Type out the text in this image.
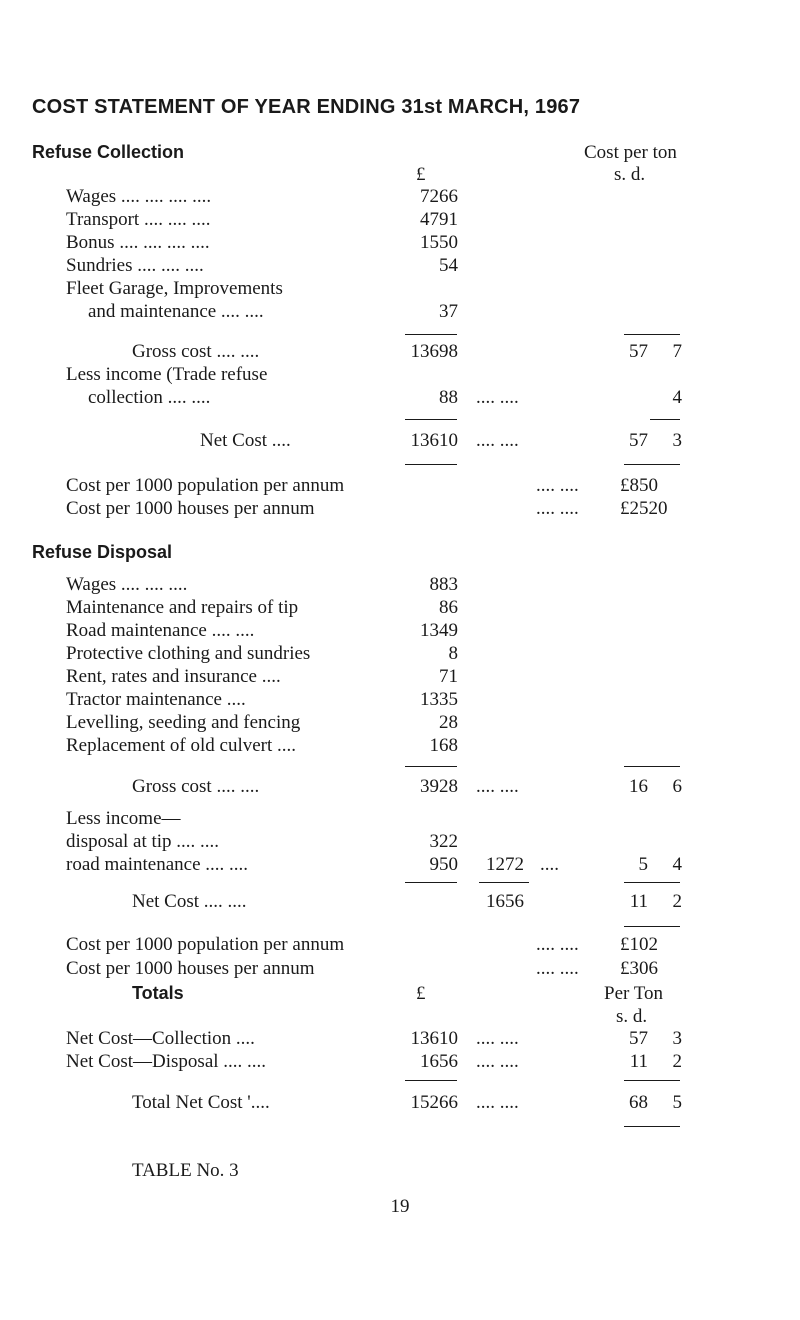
COST STATEMENT OF YEAR ENDING 31st MARCH, 1967
Refuse Collection	Cost per ton
£	s. d.
Wages .... .... .... ....	7266
Transport .... .... ....	4791
Bonus .... .... .... ....	1550
Sundries .... .... ....	54
Fleet Garage, Improvements
and maintenance .... ....	37
Gross cost .... ....	13698	57	7
Less income (Trade refuse
collection .... ....	88 .... ....	4
Net Cost ....	13610 .... ....	57	3
Cost per 1000 population per annum	.... .... £850
Cost per 1000 houses per annum	.... .... £2520
Refuse Disposal
Wages .... .... ....	883
Maintenance and repairs of tip	86
Road maintenance .... ....	1349
Protective clothing and sundries	8
Rent, rates and insurance ....	71
Tractor maintenance ....	1335
Levelling, seeding and fencing	28
Replacement of old culvert ....	168
Gross cost .... ....	3928 .... ....	16	6
Less income—
disposal at tip .... ....	322
road maintenance .... ....	950	1272 ....	5	4
Net Cost .... ....	1656	11	2
Cost per 1000 population per annum	.... .... £102
Cost per 1000 houses per annum	.... .... £306
Totals	£	Per Ton
s. d.
Net Cost—Collection ....	13610 .... ....	57	3
Net Cost—Disposal .... ....	1656 .... ....	11	2
Total Net Cost '....	15266 .... ....	68	5
TABLE No. 3
19
